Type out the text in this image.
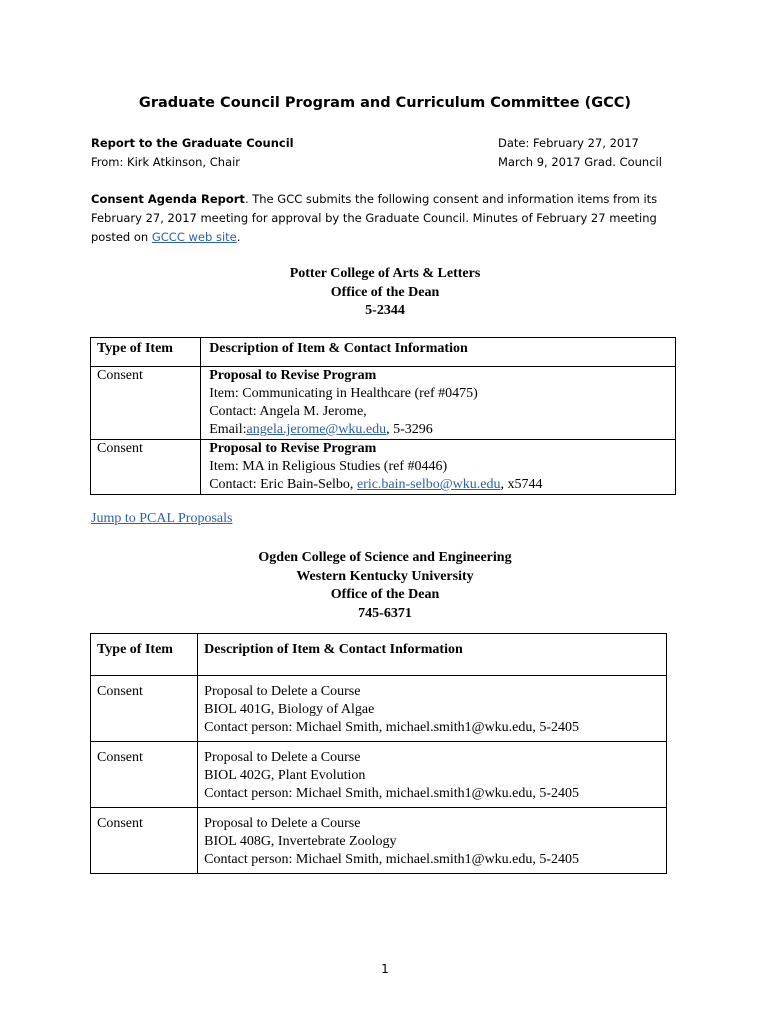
Graduate Council Program and Curriculum Committee (GCC)
Report to the Graduate Council
From: Kirk Atkinson, Chair
Date: February 27, 2017
March 9, 2017 Grad. Council
Consent Agenda Report. The GCC submits the following consent and information items from its February 27, 2017 meeting for approval by the Graduate Council. Minutes of February 27 meeting posted on GCCC web site.
Potter College of Arts & Letters
Office of the Dean
5-2344
Type of Item	Description of Item & Contact Information
Consent	Proposal to Revise Program
Item: Communicating in Healthcare (ref #0475)
Contact: Angela M. Jerome,
Email:angela.jerome@wku.edu, 5-3296

Consent	Proposal to Revise Program
Item: MA in Religious Studies (ref #0446)
Contact: Eric Bain-Selbo, eric.bain-selbo@wku.edu, x5744
Jump to PCAL Proposals
Ogden College of Science and Engineering
Western Kentucky University
Office of the Dean
745-6371
Type of Item	Description of Item & Contact Information
Consent	Proposal to Delete a Course
BIOL 401G, Biology of Algae
Contact person: Michael Smith, michael.smith1@wku.edu, 5-2405

Consent	Proposal to Delete a Course
BIOL 402G, Plant Evolution
Contact person: Michael Smith, michael.smith1@wku.edu, 5-2405

Consent	Proposal to Delete a Course
BIOL 408G, Invertebrate Zoology
Contact person: Michael Smith, michael.smith1@wku.edu, 5-2405
1
